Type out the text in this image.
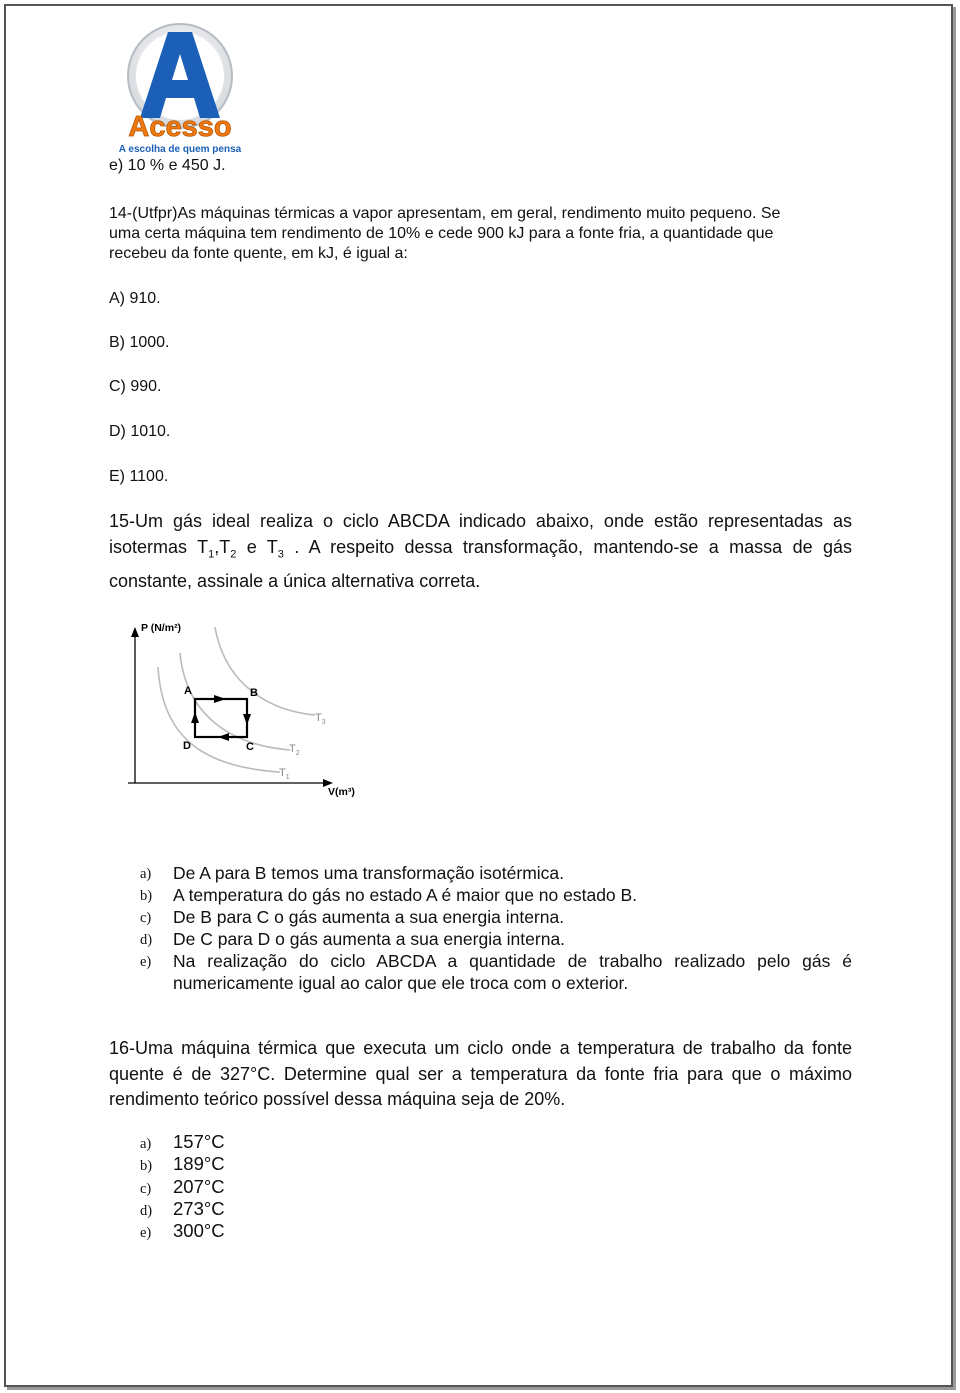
Acesso
A escolha de quem pensa

e) 10 % e 450 J.

14-(Utfpr)As máquinas térmicas a vapor apresentam, em geral, rendimento muito pequeno. Se

uma certa máquina tem rendimento de 10% e cede 900 kJ para a fonte fria, a quantidade que

recebeu da fonte quente, em kJ, é igual a:

A) 910.

B) 1000.

C) 990.

D) 1010.

E) 1100.

15-Um gás ideal realiza o ciclo ABCDA indicado abaixo, onde estão representadas as isotermas $T_1,T_2$ e $T_3$ . A respeito dessa transformação, mantendo-se a massa de gás constante, assinale a única alternativa correta.

P (N/m²)
V(m³)
$T_3$
$T_2$
$T_1$
A	B
C
D
a) De A para B temos uma transformação isotérmica.
b) A temperatura do gás no estado A é maior que no estado B.
c) De B para C o gás aumenta a sua energia interna.
d) De C para D o gás aumenta a sua energia interna.
e) Na realização do ciclo ABCDA a quantidade de trabalho realizado pelo gás é numericamente igual ao calor que ele troca com o exterior.

16-Uma máquina térmica que executa um ciclo onde a temperatura de trabalho da fonte quente é de 327°C. Determine qual ser a temperatura da fonte fria para que o máximo rendimento teórico possível dessa máquina seja de 20%.

a) 157°C
b) 189°C
c) 207°C
d) 273°C
e) 300°C
